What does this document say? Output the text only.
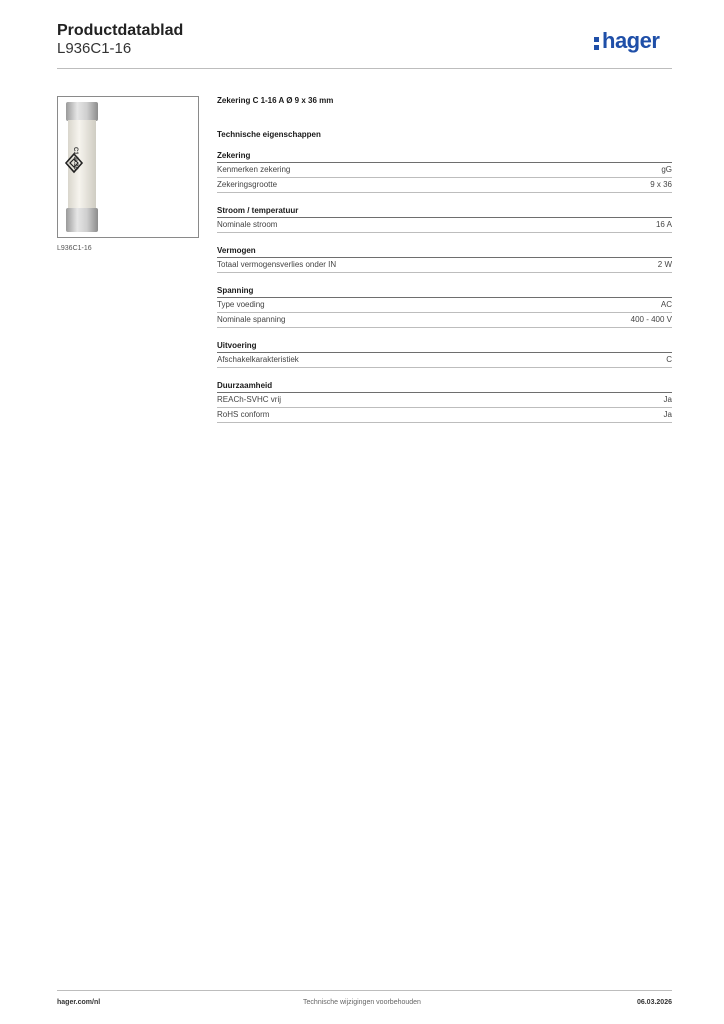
Productdatablad
L936C1-16	hager
C1 9x36
L936C1-16
Zekering C 1-16 A Ø 9 x 36 mm
Technische eigenschappen
Zekering
Kenmerken zekering	gG
Zekeringsgrootte	9 x 36
Stroom / temperatuur
Nominale stroom	16 A
Vermogen
Totaal vermogensverlies onder IN	2 W
Spanning
Type voeding	AC
Nominale spanning	400 - 400 V
Uitvoering
Afschakelkarakteristiek	C
Duurzaamheid
REACh-SVHC vrij	Ja
RoHS conform	Ja
hager.com/nl	Technische wijzigingen voorbehouden	06.03.2026
